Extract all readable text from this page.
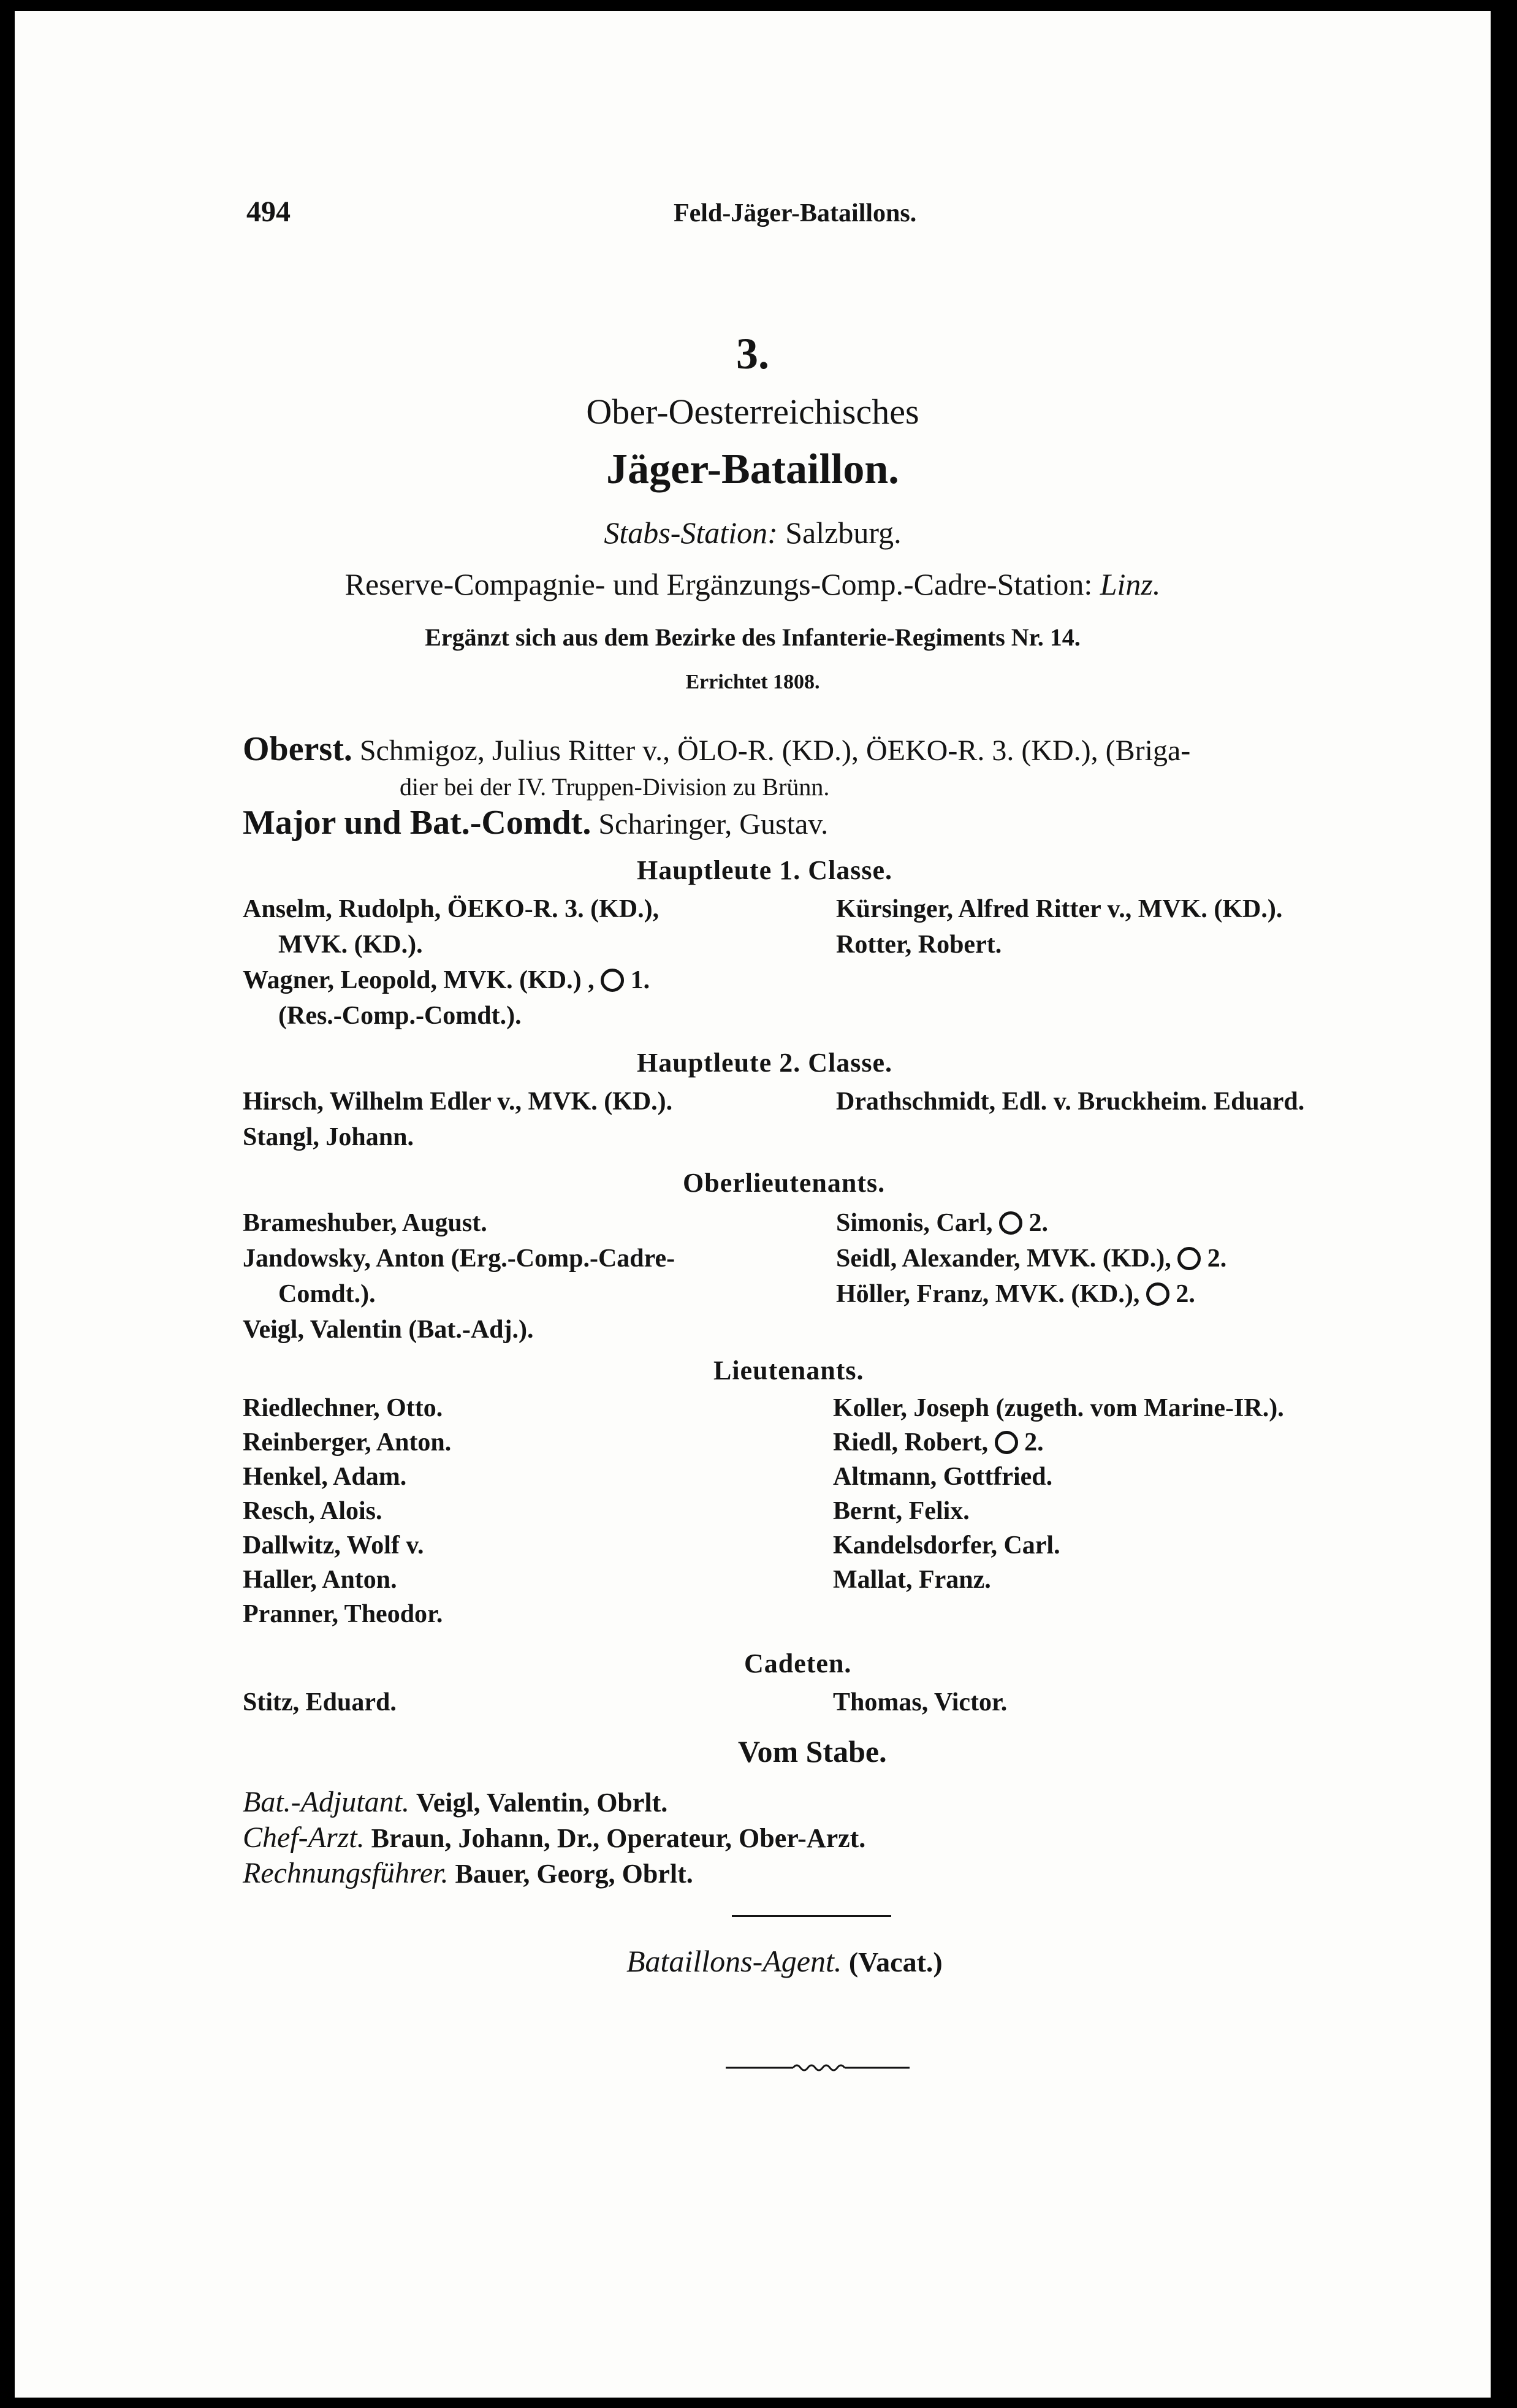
494	Feld-Jäger-Bataillons.
3.
Ober-Oesterreichisches
Jäger-Bataillon.
Stabs-Station: Salzburg.
Reserve-Compagnie- und Ergänzungs-Comp.-Cadre-Station: Linz.
Ergänzt sich aus dem Bezirke des Infanterie-Regiments Nr. 14.
Errichtet 1808.
Oberst. Schmigoz, Julius Ritter v., ÖLO-R. (KD.), ÖEKO-R. 3. (KD.), (Briga-
dier bei der IV. Truppen-Division zu Brünn.
Major und Bat.-Comdt. Scharinger, Gustav.
Hauptleute 1. Classe.
Anselm, Rudolph, ÖEKO-R. 3. (KD.),
MVK. (KD.).
Wagner, Leopold, MVK. (KD.) , 1.
(Res.-Comp.-Comdt.).
Kürsinger, Alfred Ritter v., MVK. (KD.).
Rotter, Robert.
Hauptleute 2. Classe.
Hirsch, Wilhelm Edler v., MVK. (KD.).
Stangl, Johann.
Drathschmidt, Edl. v. Bruckheim. Eduard.
Oberlieutenants.
Brameshuber, August.
Jandowsky, Anton (Erg.-Comp.-Cadre-
Comdt.).
Veigl, Valentin (Bat.-Adj.).
Simonis, Carl, 2.
Seidl, Alexander, MVK. (KD.), 2.
Höller, Franz, MVK. (KD.), 2.
Lieutenants.
Riedlechner, Otto.
Reinberger, Anton.
Henkel, Adam.
Resch, Alois.
Dallwitz, Wolf v.
Haller, Anton.
Pranner, Theodor.
Koller, Joseph (zugeth. vom Marine-IR.).
Riedl, Robert, 2.
Altmann, Gottfried.
Bernt, Felix.
Kandelsdorfer, Carl.
Mallat, Franz.
Cadeten.
Stitz, Eduard.	Thomas, Victor.
Vom Stabe.
Bat.-Adjutant. Veigl, Valentin, Obrlt.
Chef-Arzt. Braun, Johann, Dr., Operateur, Ober-Arzt.
Rechnungsführer. Bauer, Georg, Obrlt.
Bataillons-Agent. (Vacat.)
